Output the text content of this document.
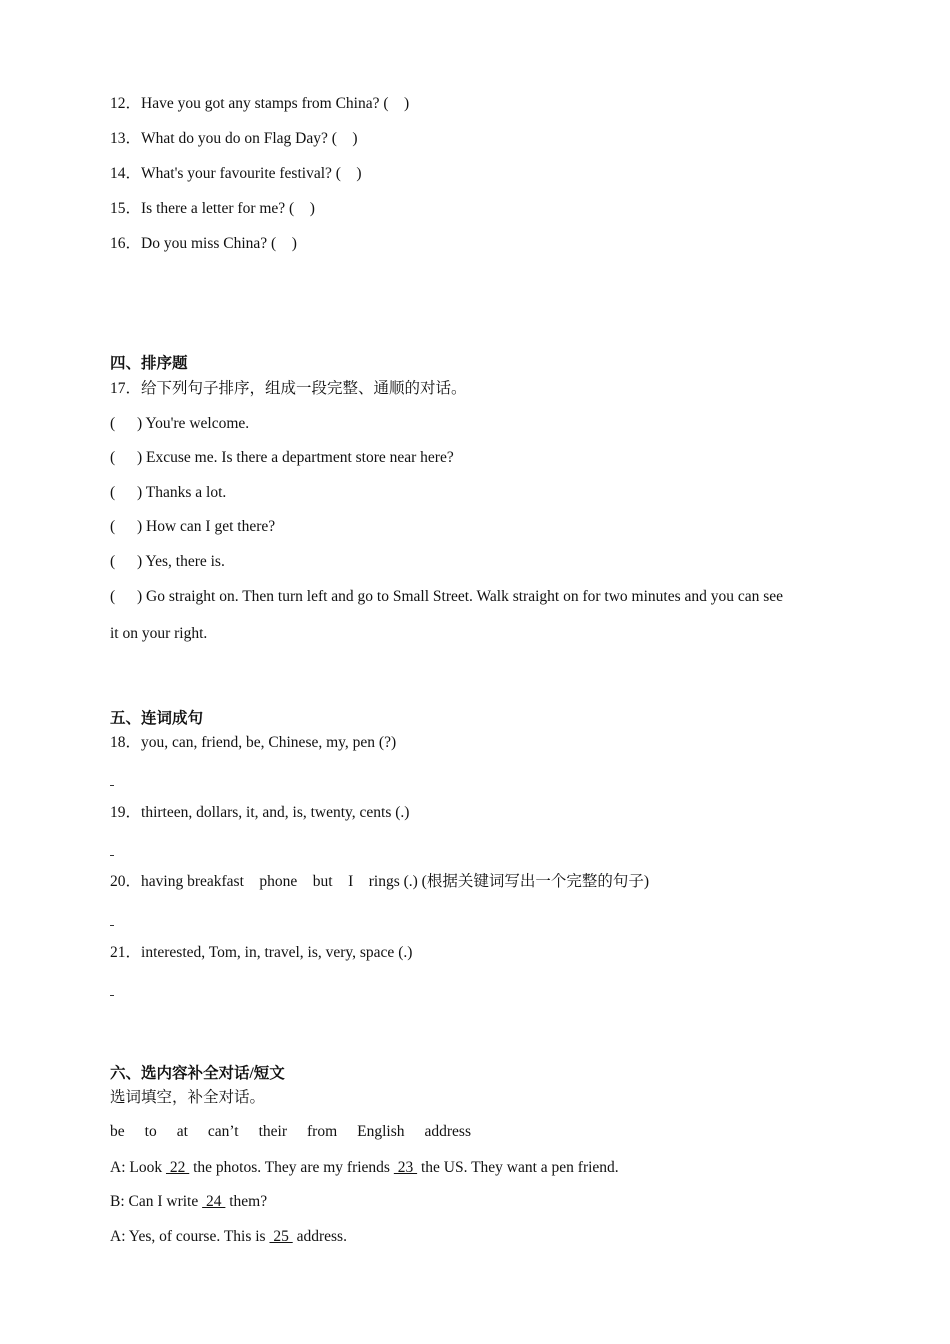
12．Have you got any stamps from China? (    )
13．What do you do on Flag Day? (    )
14．What's your favourite festival? (    )
15．Is there a letter for me? (    )
16．Do you miss China? (    )
四、排序题
17．给下列句子排序，组成一段完整、通顺的对话。
( ) You're welcome.
( ) Excuse me. Is there a department store near here?
( ) Thanks a lot.
( ) How can I get there?
( ) Yes, there is.
( ) Go straight on. Then turn left and go to Small Street. Walk straight on for two minutes and you can see
it on your right.
五、连词成句
18．you, can, friend, be, Chinese, my, pen (?)
19．thirteen, dollars, it, and, is, twenty, cents (.)
20．having breakfast    phone    but    I    rings (.) (根据关键词写出一个完整的句子)
21．interested, Tom, in, travel, is, very, space (.)
六、选内容补全对话/短文
选词填空，补全对话。
be to at can’t their from English address
A: Look  22  the photos. They are my friends  23  the US. They want a pen friend.
B: Can I write  24  them?
A: Yes, of course. This is  25  address.
